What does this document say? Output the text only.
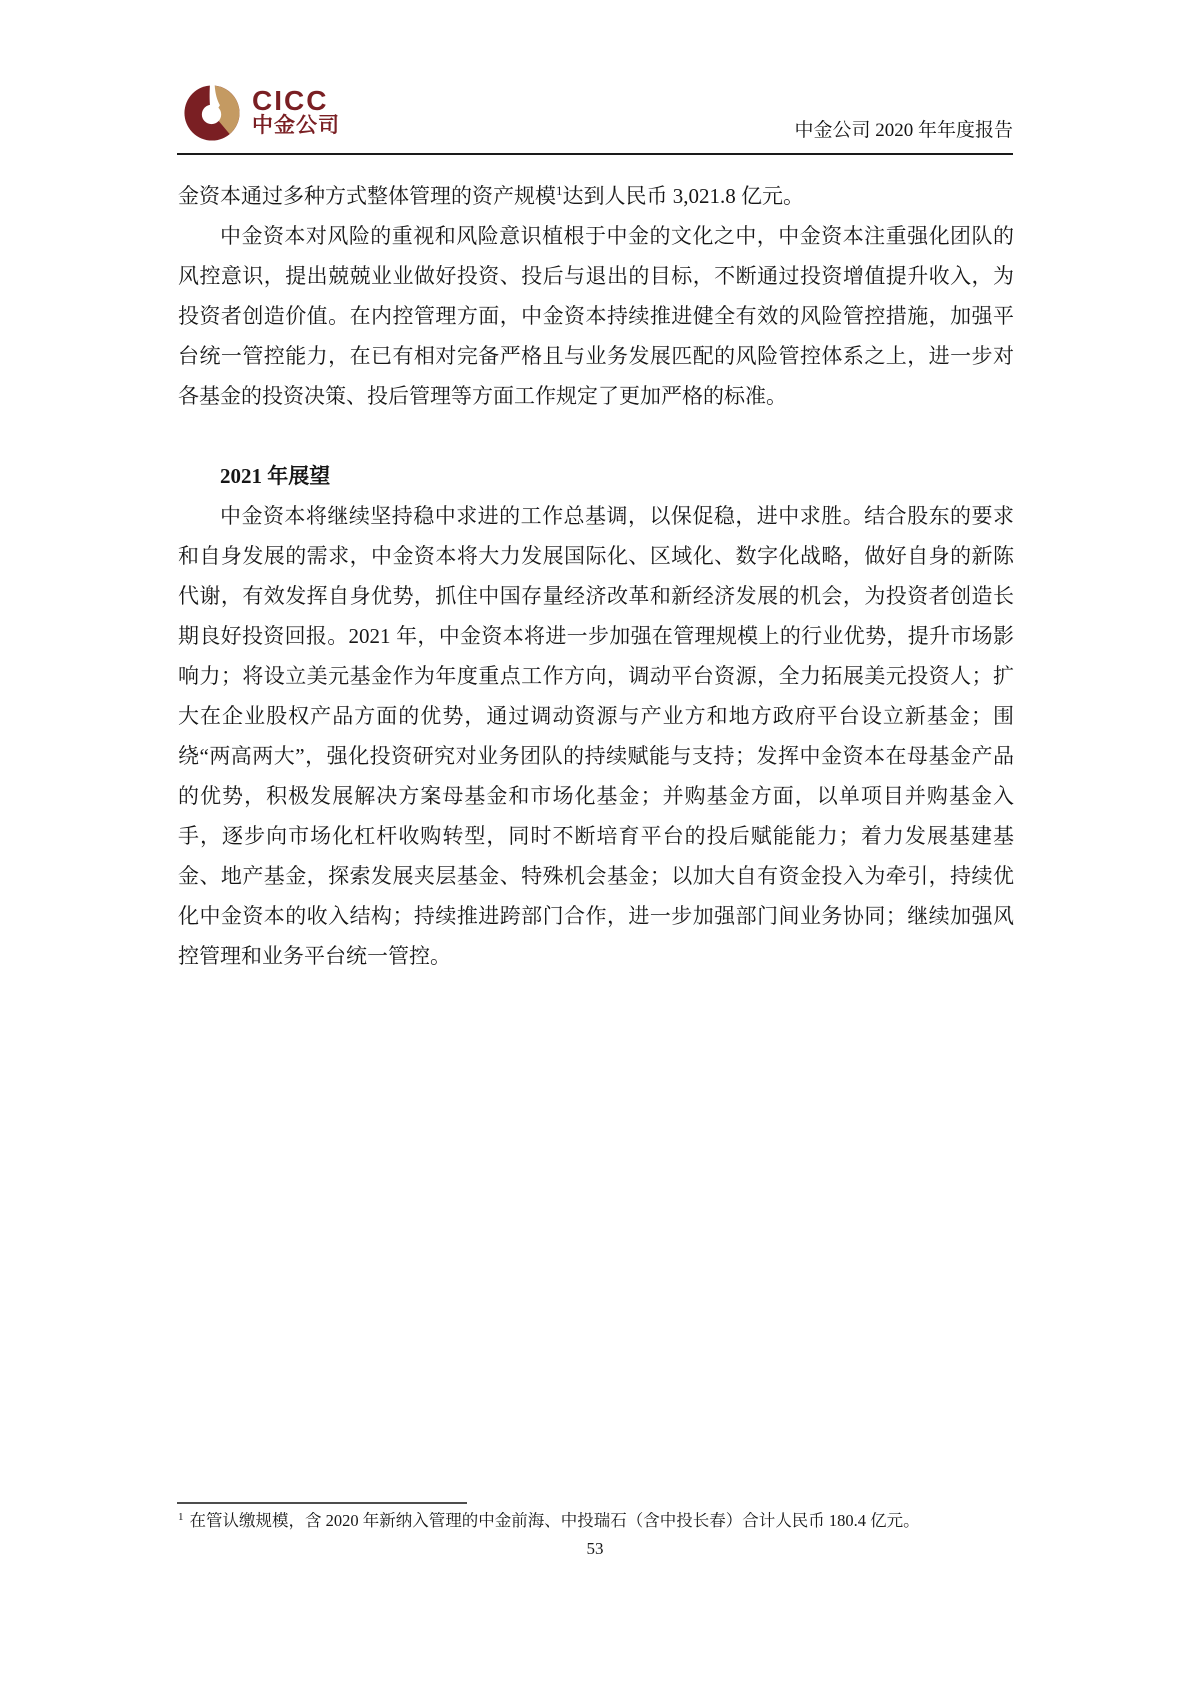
CICC
中金公司	中金公司 2020 年年度报告

金资本通过多种方式整体管理的资产规模$^1$达到人民币 3,021.8 亿元。

中金资本对风险的重视和风险意识植根于中金的文化之中，中金资本注重强化团队的风控意识，提出兢兢业业做好投资、投后与退出的目标，不断通过投资增值提升收入，为投资者创造价值。在内控管理方面，中金资本持续推进健全有效的风险管控措施，加强平台统一管控能力，在已有相对完备严格且与业务发展匹配的风险管控体系之上，进一步对各基金的投资决策、投后管理等方面工作规定了更加严格的标准。

2021 年展望

中金资本将继续坚持稳中求进的工作总基调，以保促稳，进中求胜。结合股东的要求和自身发展的需求，中金资本将大力发展国际化、区域化、数字化战略，做好自身的新陈代谢，有效发挥自身优势，抓住中国存量经济改革和新经济发展的机会，为投资者创造长期良好投资回报。2021 年，中金资本将进一步加强在管理规模上的行业优势，提升市场影响力；将设立美元基金作为年度重点工作方向，调动平台资源，全力拓展美元投资人；扩大在企业股权产品方面的优势，通过调动资源与产业方和地方政府平台设立新基金；围绕“两高两大”，强化投资研究对业务团队的持续赋能与支持；发挥中金资本在母基金产品的优势，积极发展解决方案母基金和市场化基金；并购基金方面，以单项目并购基金入手，逐步向市场化杠杆收购转型，同时不断培育平台的投后赋能能力；着力发展基建基金、地产基金，探索发展夹层基金、特殊机会基金；以加大自有资金投入为牵引，持续优化中金资本的收入结构；持续推进跨部门合作，进一步加强部门间业务协同；继续加强风控管理和业务平台统一管控。

$^1$ 在管认缴规模，含 2020 年新纳入管理的中金前海、中投瑞石（含中投长春）合计人民币 180.4 亿元。
53
